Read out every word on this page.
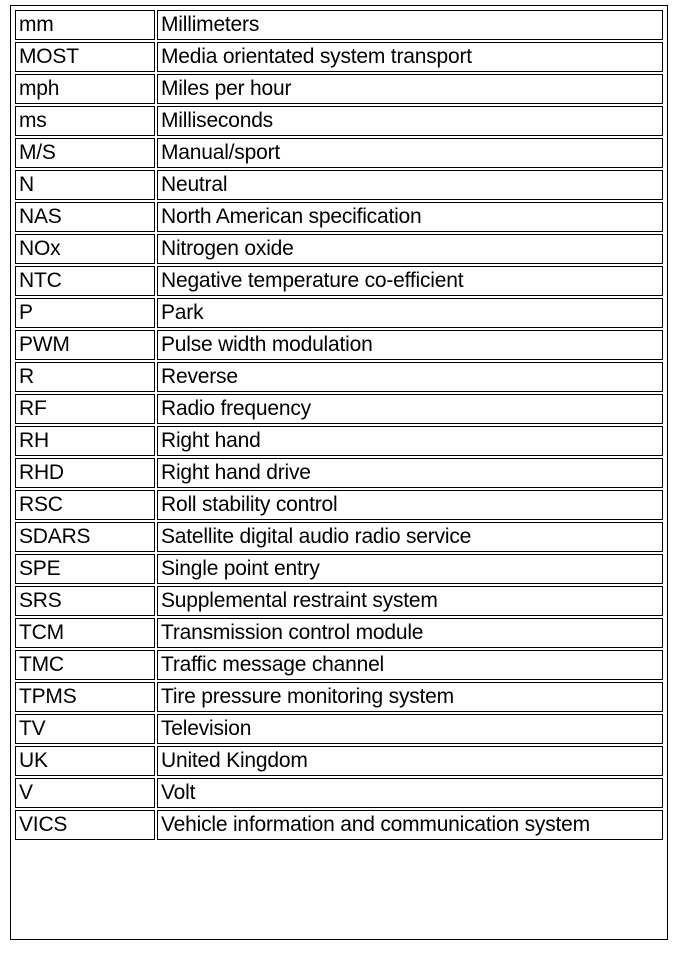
mm	Millimeters
MOST	Media orientated system transport
mph	Miles per hour
ms	Milliseconds
M/S	Manual/sport
N	Neutral
NAS	North American specification
NOx	Nitrogen oxide
NTC	Negative temperature co-efficient
P	Park
PWM	Pulse width modulation
R	Reverse
RF	Radio frequency
RH	Right hand
RHD	Right hand drive
RSC	Roll stability control
SDARS	Satellite digital audio radio service
SPE	Single point entry
SRS	Supplemental restraint system
TCM	Transmission control module
TMC	Traffic message channel
TPMS	Tire pressure monitoring system
TV	Television
UK	United Kingdom
V	Volt
VICS	Vehicle information and communication system
